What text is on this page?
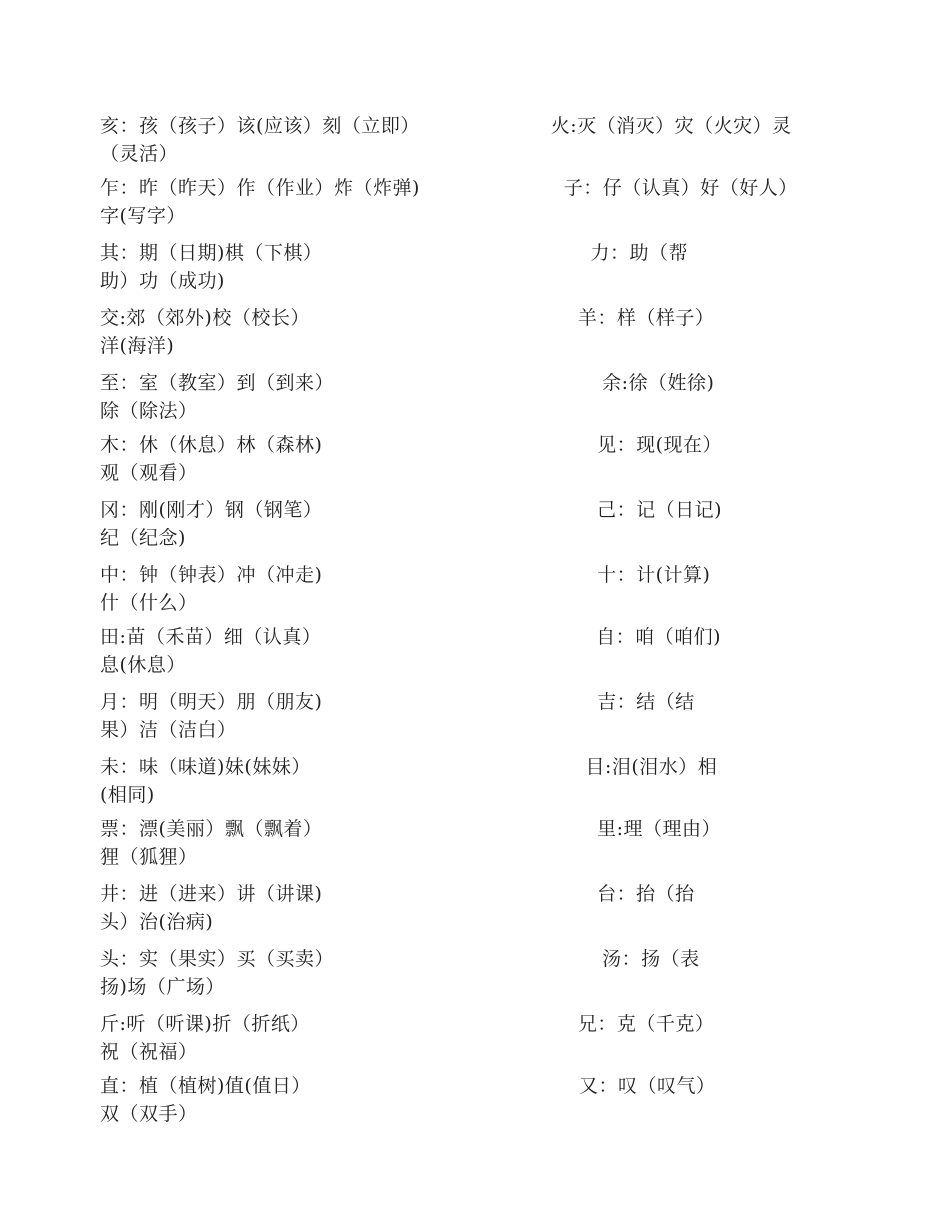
亥：孩（孩子）该(应该）刻（立即）                    火:灭（消灭）灾（火灾）灵
（灵活）
乍：昨（昨天）作（作业）炸（炸弹)                      子：仔（认真）好（好人）
字(写字）
其：期（日期)棋（下棋）                                         力：助（帮
助）功（成功)
交:郊（郊外)校（校长）                                         羊：样（样子）
洋(海洋)
至：室（教室）到（到来）                                         余:徐（姓徐)
除（除法）
木：休（休息）林（森林)                                          见：现(现在）
观（观看）
冈：刚(刚才）钢（钢笔）                                          己：记（日记)
纪（纪念)
中：钟（钟表）冲（冲走)                                          十：计(计算)
什（什么）
田:苗（禾苗）细（认真）                                          自：咱（咱们)
息(休息）
月：明（明天）朋（朋友)                                          吉：结（结
果）洁（洁白）
未：味（味道)妹(妹妹）                                          目:泪(泪水）相
(相同)
票：漂(美丽）飘（飘着）                                          里:理（理由）
狸（狐狸）
井：进（进来）讲（讲课)                                          台：抬（抬
头）治(治病)
头：实（果实）买（买卖）                                         汤：扬（表
扬)场（广场）
斤:听（听课)折（折纸）                                         兄：克（千克）
祝（祝福）
直：植（植树)值(值日）                                         又：叹（叹气）
双（双手）
